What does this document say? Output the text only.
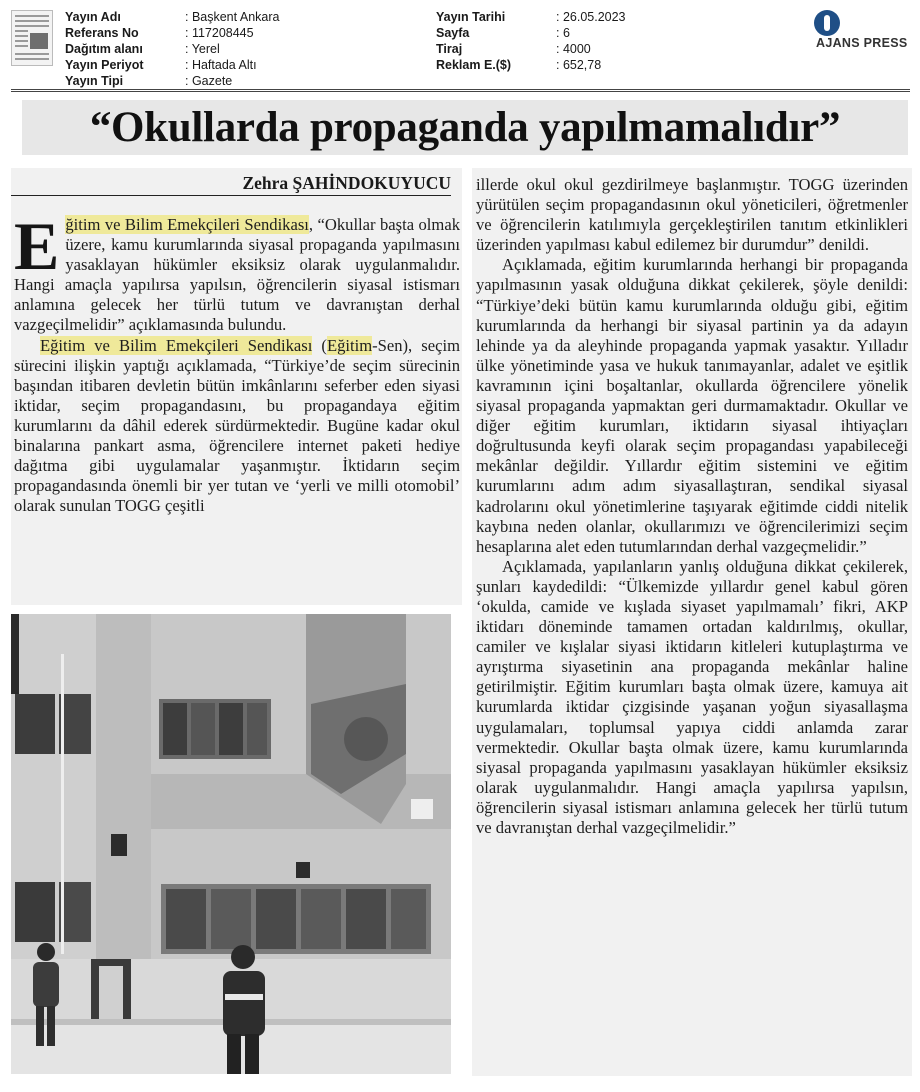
Yayın Adı	: Başkent Ankara
Referans No	: 117208445
Dağıtım alanı	: Yerel
Yayın Periyot	: Haftada Altı
Yayın Tipi	: Gazete
Yayın Tarihi	: 26.05.2023
Sayfa	: 6
Tiraj	: 4000
Reklam E.($)	: 652,78
AJANS PRESS
“Okullarda propaganda yapılmamalıdır”
Zehra ŞAHİNDOKUYUCU

Eğitim ve Bilim Emekçileri Sendikası, “Okullar başta olmak üzere, kamu kurumlarında siyasal propaganda yapılmasını yasaklayan hükümler eksiksiz olarak uygulanmalıdır. Hangi amaçla yapılırsa yapılsın, öğrencilerin siyasal istismarı anlamına gelecek her türlü tutum ve davranıştan derhal vazgeçilmelidir” açıklamasında bulundu.

Eğitim ve Bilim Emekçileri Sendikası (Eğitim-Sen), seçim sürecini ilişkin yaptığı açıklamada, “Türkiye’de seçim sürecinin başından itibaren devletin bütün imkânlarını seferber eden siyasi iktidar, seçim propagandasını, bu propagandaya eğitim kurumlarını da dâhil ederek sürdürmektedir. Bugüne kadar okul binalarına pankart asma, öğrencilere internet paketi hediye dağıtma gibi uygulamalar yaşanmıştır. İktidarın seçim propagandasında önemli bir yer tutan ve ‘yerli ve milli otomobil’ olarak sunulan TOGG çeşitli

illerde okul okul gezdirilmeye başlanmıştır. TOGG üzerinden yürütülen seçim propagandasının okul yöneticileri, öğretmenler ve öğrencilerin katılımıyla gerçekleştirilen tanıtım etkinlikleri üzerinden yapılması kabul edilemez bir durumdur” denildi.

Açıklamada, eğitim kurumlarında herhangi bir propaganda yapılmasının yasak olduğuna dikkat çekilerek, şöyle denildi: “Türkiye’deki bütün kamu kurumlarında olduğu gibi, eğitim kurumlarında da herhangi bir siyasal partinin ya da adayın lehinde ya da aleyhinde propaganda yapmak yasaktır. Yılladır ülke yönetiminde yasa ve hukuk tanımayanlar, adalet ve eşitlik kavramının içini boşaltanlar, okullarda öğrencilere yönelik siyasal propaganda yapmaktan geri durmamaktadır. Okullar ve diğer eğitim kurumları, iktidarın siyasal ihtiyaçları doğrultusunda keyfi olarak seçim propagandası yapabileceği mekânlar değildir. Yıllardır eğitim sistemini ve eğitim kurumlarını adım adım siyasallaştıran, sendikal siyasal kadrolarını okul yönetimlerine taşıyarak eğitimde ciddi nitelik kaybına neden olanlar, okullarımızı ve öğrencilerimizi seçim hesaplarına alet eden tutumlarından derhal vazgeçmelidir.”

Açıklamada, yapılanların yanlış olduğuna dikkat çekilerek, şunları kaydedildi: “Ülkemizde yıllardır genel kabul gören ‘okulda, camide ve kışlada siyaset yapılmamalı’ fikri, AKP iktidarı döneminde tamamen ortadan kaldırılmış, okullar, camiler ve kışlalar siyasi iktidarın kitleleri kutuplaştırma ve ayrıştırma siyasetinin ana propaganda mekânlar haline getirilmiştir. Eğitim kurumları başta olmak üzere, kamuya ait kurumlarda iktidar çizgisinde yaşanan yoğun siyasallaşma uygulamaları, toplumsal yapıya ciddi anlamda zarar vermektedir. Okullar başta olmak üzere, kamu kurumlarında siyasal propaganda yapılmasını yasaklayan hükümler eksiksiz olarak uygulanmalıdır. Hangi amaçla yapılırsa yapılsın, öğrencilerin siyasal istismarı anlamına gelecek her türlü tutum ve davranıştan derhal vazgeçilmelidir.”
